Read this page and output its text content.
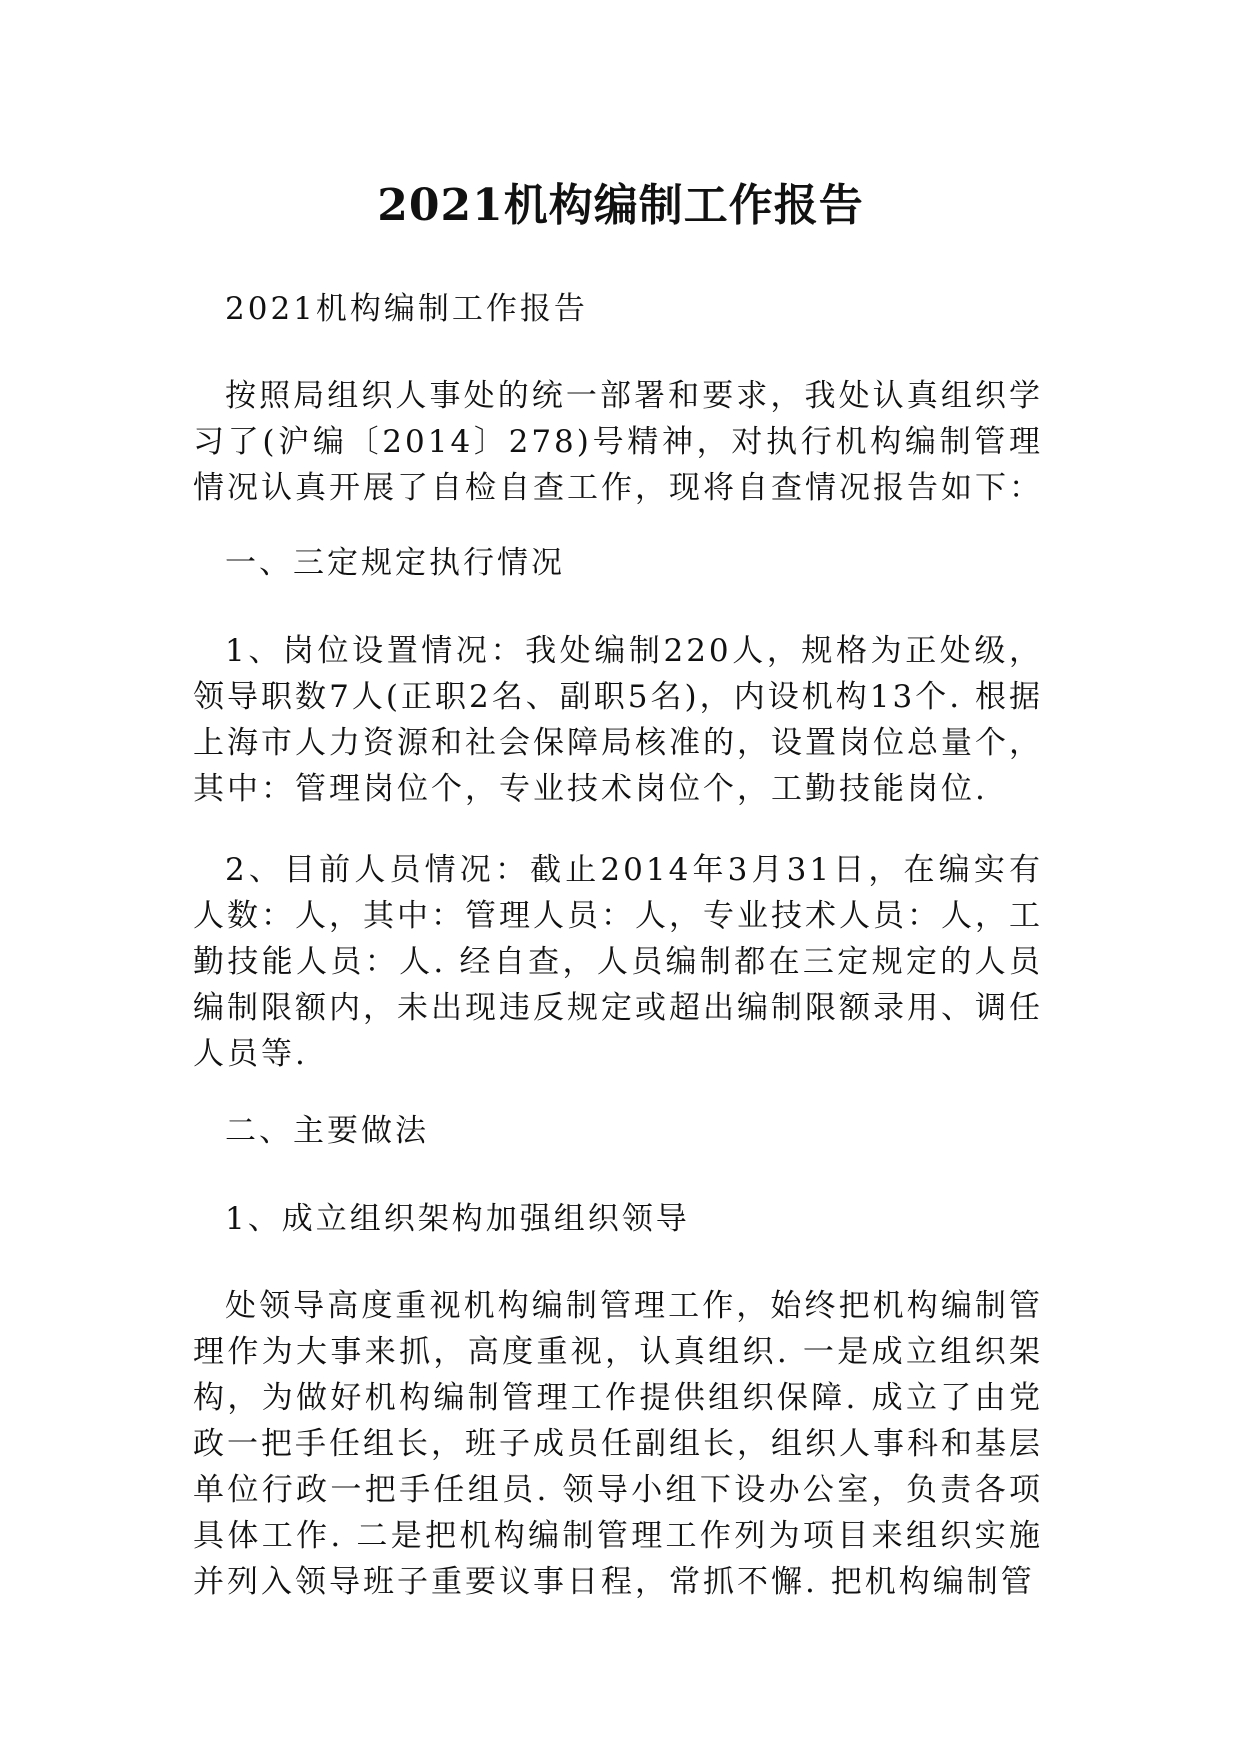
2021机构编制工作报告

2021机构编制工作报告

按照局组织人事处的统一部署和要求，我处认真组织学习了(沪编〔2014〕278)号精神，对执行机构编制管理情况认真开展了自检自查工作，现将自查情况报告如下：

一、三定规定执行情况

1、岗位设置情况：我处编制220人，规格为正处级，领导职数7人(正职2名、副职5名)，内设机构13个. 根据上海市人力资源和社会保障局核准的，设置岗位总量个，其中：管理岗位个，专业技术岗位个，工勤技能岗位.

2、目前人员情况：截止2014年3月31日，在编实有人数：人，其中：管理人员：人，专业技术人员：人，工勤技能人员：人. 经自查，人员编制都在三定规定的人员编制限额内，未出现违反规定或超出编制限额录用、调任人员等.

二、主要做法

1、成立组织架构加强组织领导

处领导高度重视机构编制管理工作，始终把机构编制管理作为大事来抓，高度重视，认真组织. 一是成立组织架构，为做好机构编制管理工作提供组织保障. 成立了由党政一把手任组长，班子成员任副组长，组织人事科和基层单位行政一把手任组员. 领导小组下设办公室，负责各项具体工作. 二是把机构编制管理工作列为项目来组织实施并列入领导班子重要议事日程，常抓不懈. 把机构编制管
